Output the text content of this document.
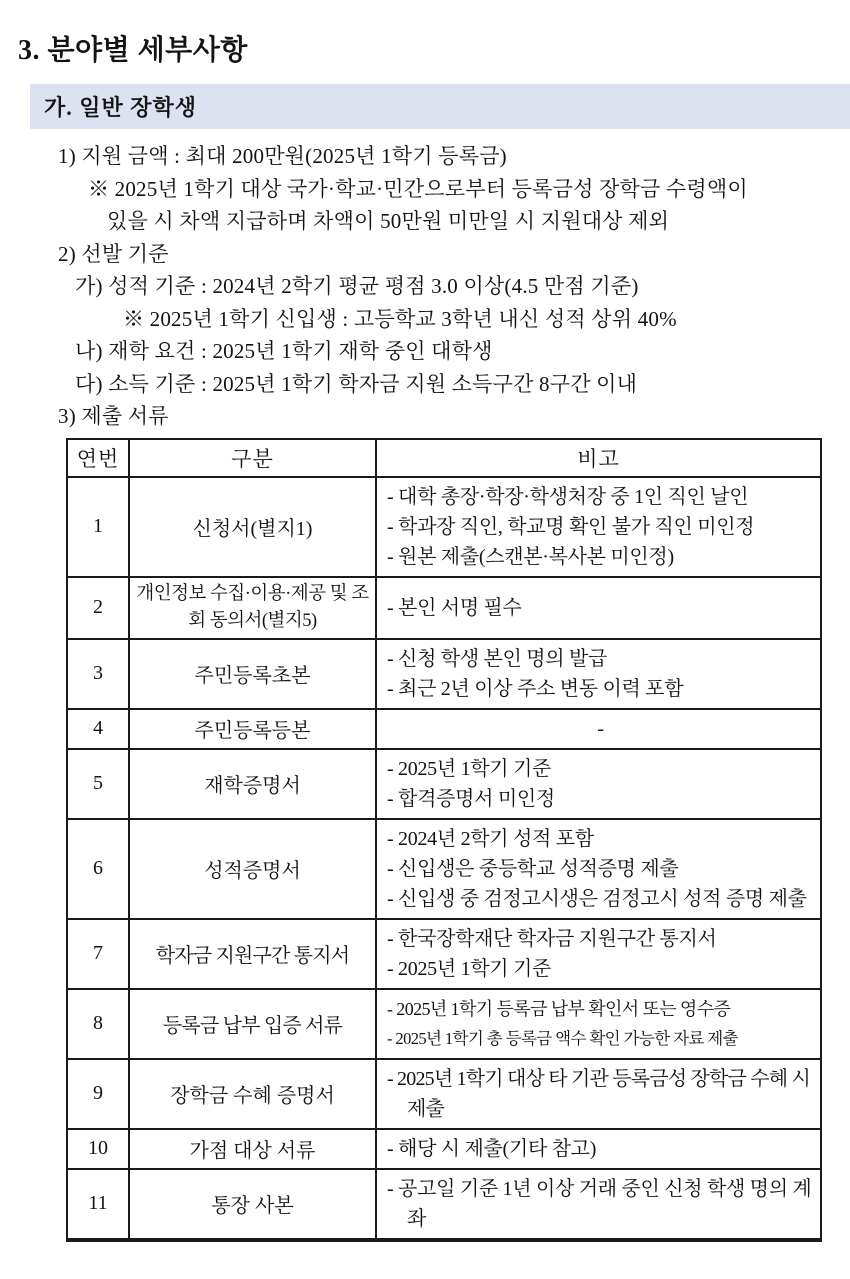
3. 분야별 세부사항
가. 일반 장학생
1) 지원 금액 : 최대 200만원(2025년 1학기 등록금)
※ 2025년 1학기 대상 국가·학교·민간으로부터 등록금성 장학금 수령액이
있을 시 차액 지급하며 차액이 50만원 미만일 시 지원대상 제외
2) 선발 기준
가) 성적 기준 : 2024년 2학기 평균 평점 3.0 이상(4.5 만점 기준)
※ 2025년 1학기 신입생 : 고등학교 3학년 내신 성적 상위 40%
나) 재학 요건 : 2025년 1학기 재학 중인 대학생
다) 소득 기준 : 2025년 1학기 학자금 지원 소득구간 8구간 이내
3) 제출 서류
연번	구분	비고
1	신청서(별지1)	- 대학 총장·학장·학생처장 중 1인 직인 날인
- 학과장 직인, 학교명 확인 불가 직인 미인정
- 원본 제출(스캔본·복사본 미인정)

2	개인정보 수집·이용·제공 및 조회 동의서(별지5)	- 본인 서명 필수

3	주민등록초본	- 신청 학생 본인 명의 발급
- 최근 2년 이상 주소 변동 이력 포함

4	주민등록등본	-

5	재학증명서	- 2025년 1학기 기준
- 합격증명서 미인정

6	성적증명서	- 2024년 2학기 성적 포함
- 신입생은 중등학교 성적증명 제출
- 신입생 중 검정고시생은 검정고시 성적 증명 제출

7	학자금 지원구간 통지서	- 한국장학재단 학자금 지원구간 통지서
- 2025년 1학기 기준

8	등록금 납부 입증 서류	- 2025년 1학기 등록금 납부 확인서 또는 영수증
- 2025년 1학기 총 등록금 액수 확인 가능한 자료 제출

9	장학금 수혜 증명서	- 2025년 1학기 대상 타 기관 등록금성 장학금 수혜 시 제출

10	가점 대상 서류	- 해당 시 제출(기타 참고)

11	통장 사본	- 공고일 기준 1년 이상 거래 중인 신청 학생 명의 계좌
